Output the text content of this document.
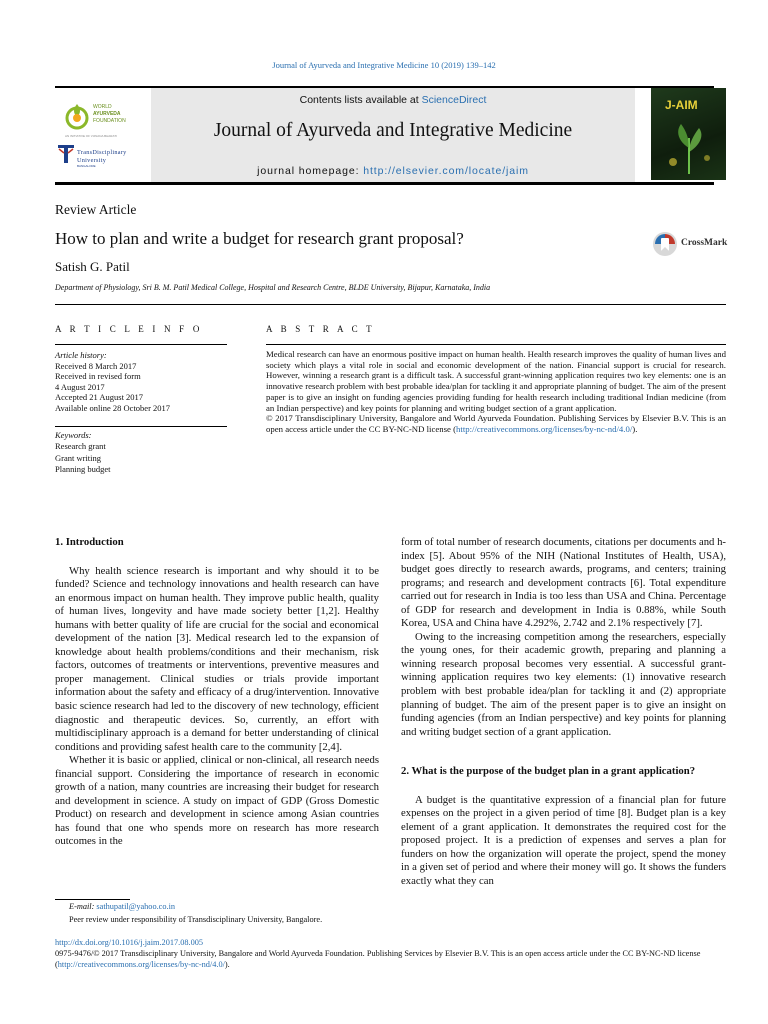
Journal of Ayurveda and Integrative Medicine 10 (2019) 139–142
WORLD
AYURVEDA
FOUNDATION
AN INITIATIVE OF VIJNANA BHARATI
TransDisciplinary
University
BANGALORE
Contents lists available at ScienceDirect
Journal of Ayurveda and Integrative Medicine
journal homepage: http://elsevier.com/locate/jaim
J-AIM
Review Article
How to plan and write a budget for research grant proposal?	CrossMark
Satish G. Patil
Department of Physiology, Sri B. M. Patil Medical College, Hospital and Research Centre, BLDE University, Bijapur, Karnataka, India
A R T I C L E I N F O
Article history:
Received 8 March 2017
Received in revised form
4 August 2017
Accepted 21 August 2017
Available online 28 October 2017
Keywords:
Research grant
Grant writing
Planning budget
A B S T R A C T

Medical research can have an enormous positive impact on human health. Health research improves the quality of human lives and society which plays a vital role in social and economic development of the nation. Financial support is crucial for research. However, winning a research grant is a difficult task. A successful grant-winning application requires two key elements: one is an innovative research problem with best probable idea/plan for tackling it and appropriate planning of budget. The aim of the present paper is to give an insight on funding agencies providing funding for health research including traditional Indian medicine (from an Indian perspective) and key points for planning and writing budget section of a grant application.

© 2017 Transdisciplinary University, Bangalore and World Ayurveda Foundation. Publishing Services by Elsevier B.V. This is an open access article under the CC BY-NC-ND license (http://creativecommons.org/licenses/by-nc-nd/4.0/).

1. Introduction

Why health science research is important and why should it to be funded? Science and technology innovations and health research can have an enormous impact on human health. They improve public health, quality of human lives, longevity and have made society better [1,2]. Healthy humans with better quality of life are crucial for the social and economical development of the nation [3]. Medical research led to the expansion of knowledge about health problems/conditions and their mechanism, risk factors, outcomes of treatments or interventions, preventive measures and proper management. Clinical studies or trials provide important information about the safety and efficacy of a drug/intervention. Innovative basic science research had led to the discovery of new technology, efficient diagnostic and therapeutic devices. So, currently, an effort with multidisciplinary approach is a demand for better understanding of clinical conditions and providing safest health care to the community [2,4].

Whether it is basic or applied, clinical or non-clinical, all research needs financial support. Considering the importance of research in economic growth of a nation, many countries are increasing their budget for research and development in science. A study on impact of GDP (Gross Domestic Product) on research and development in science among Asian countries has found that one who spends more on research has more research outcomes in the

form of total number of research documents, citations per documents and h-index [5]. About 95% of the NIH (National Institutes of Health, USA), budget goes directly to research awards, programs, and centers; training programs; and research and development contracts [6]. Total expenditure carried out for research in India is too less than USA and China. Percentage of GDP for research and development in India is 0.88%, while South Korea, USA and China have 4.292%, 2.742 and 2.1% respectively [7].

Owing to the increasing competition among the researchers, especially the young ones, for their academic growth, preparing and planning a winning research proposal becomes very essential. A successful grant-winning application requires two key elements: (1) innovative research problem with best probable idea/plan for tackling it and (2) appropriate planning of budget. The aim of the present paper is to give an insight on funding agencies (from an Indian perspective) and key points for planning and writing budget section of a grant application.

2. What is the purpose of the budget plan in a grant application?

A budget is the quantitative expression of a financial plan for future expenses on the project in a given period of time [8]. Budget plan is a key element of a grant application. It demonstrates the required cost for the proposed project. It is a prediction of expenses and serves a plan for funders on how the organization will operate the project, spend the money in a given set of period and where their money will go. It shows the funders exactly what they can

E-mail: sathupatil@yahoo.co.in
Peer review under responsibility of Transdisciplinary University, Bangalore.
http://dx.doi.org/10.1016/j.jaim.2017.08.005
0975-9476/© 2017 Transdisciplinary University, Bangalore and World Ayurveda Foundation. Publishing Services by Elsevier B.V. This is an open access article under the CC BY-NC-ND license (http://creativecommons.org/licenses/by-nc-nd/4.0/).
